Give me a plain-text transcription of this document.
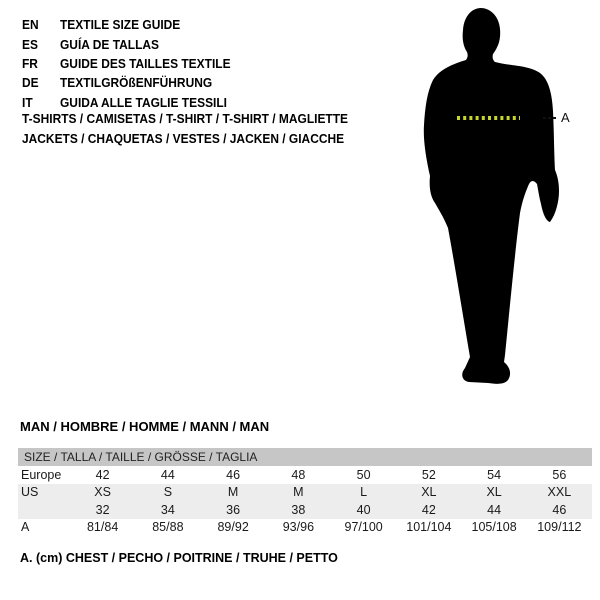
EN	TEXTILE SIZE GUIDE
ES	GUÍA DE TALLAS
FR	GUIDE DES TAILLES TEXTILE
DE	TEXTILGRÖßENFÜHRUNG
IT	GUIDA ALLE TAGLIE TESSILI
T-SHIRTS / CAMISETAS / T-SHIRT / T-SHIRT / MAGLIETTE
JACKETS / CHAQUETAS / VESTES / JACKEN / GIACCHE
A
MAN / HOMBRE / HOMME / MANN / MAN
SIZE / TALLA / TAILLE / GRÖSSE / TAGLIA
Europe	42	44	46	48	50	52	54	56
US	XS	S	M	M	L	XL	XL	XXL
	32	34	36	38	40	42	44	46
A	81/84	85/88	89/92	93/96	97/100	101/104	105/108	109/112
A. (cm) CHEST / PECHO / POITRINE / TRUHE / PETTO
